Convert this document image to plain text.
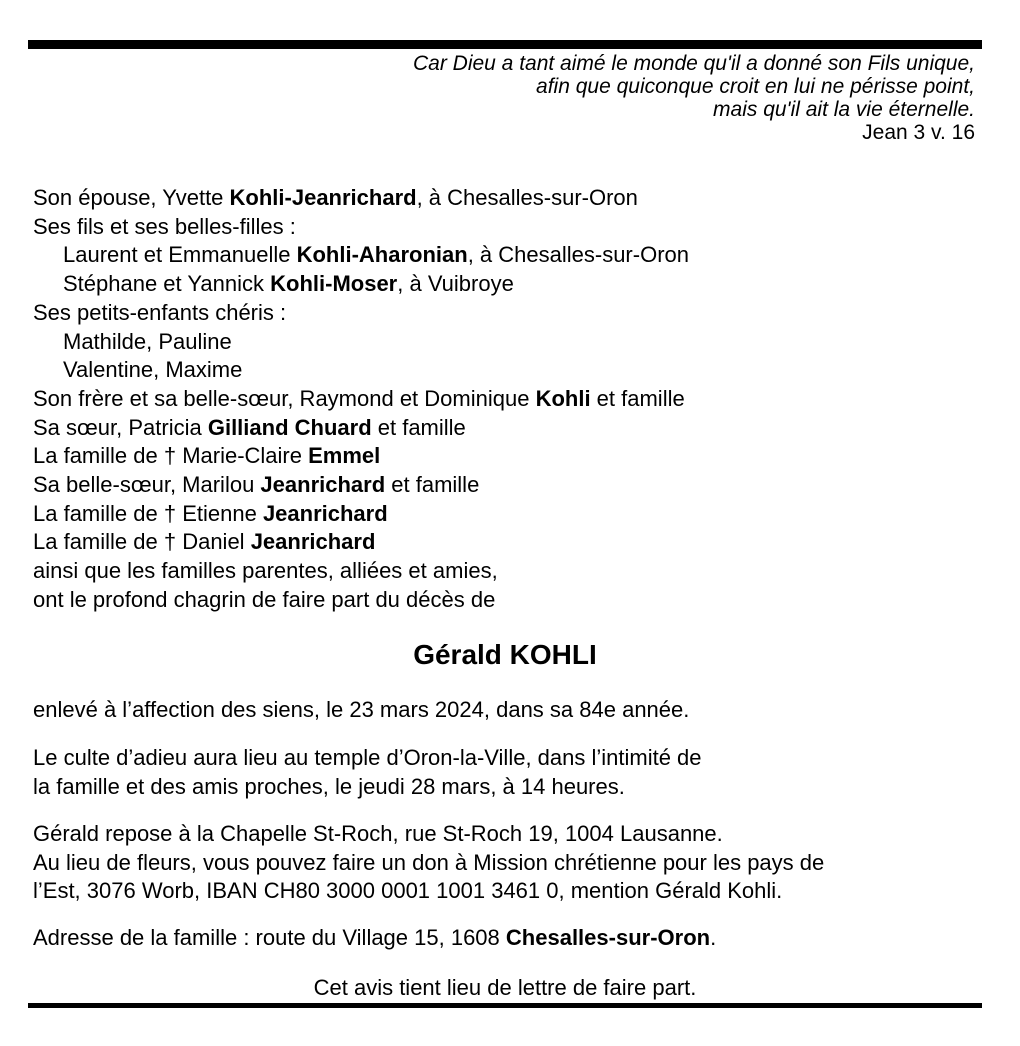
Car Dieu a tant aimé le monde qu'il a donné son Fils unique,
afin que quiconque croit en lui ne périsse point,
mais qu'il ait la vie éternelle.
Jean 3 v. 16
Son épouse, Yvette Kohli-Jeanrichard, à Chesalles-sur-Oron
Ses fils et ses belles-filles :
Laurent et Emmanuelle Kohli-Aharonian, à Chesalles-sur-Oron
Stéphane et Yannick Kohli-Moser, à Vuibroye
Ses petits-enfants chéris :
Mathilde, Pauline
Valentine, Maxime
Son frère et sa belle-sœur, Raymond et Dominique Kohli et famille
Sa sœur, Patricia Gilliand Chuard et famille
La famille de † Marie-Claire Emmel
Sa belle-sœur, Marilou Jeanrichard et famille
La famille de † Etienne Jeanrichard
La famille de † Daniel Jeanrichard
ainsi que les familles parentes, alliées et amies,
ont le profond chagrin de faire part du décès de
Gérald KOHLI
enlevé à l’affection des siens, le 23 mars 2024, dans sa 84e année.
Le culte d’adieu aura lieu au temple d’Oron-la-Ville, dans l’intimité de
la famille et des amis proches, le jeudi 28 mars, à 14 heures.
Gérald repose à la Chapelle St-Roch, rue St-Roch 19, 1004 Lausanne.
Au lieu de fleurs, vous pouvez faire un don à Mission chrétienne pour les pays de
l’Est, 3076 Worb, IBAN CH80 3000 0001 1001 3461 0, mention Gérald Kohli.
Adresse de la famille : route du Village 15, 1608 Chesalles-sur-Oron.
Cet avis tient lieu de lettre de faire part.
